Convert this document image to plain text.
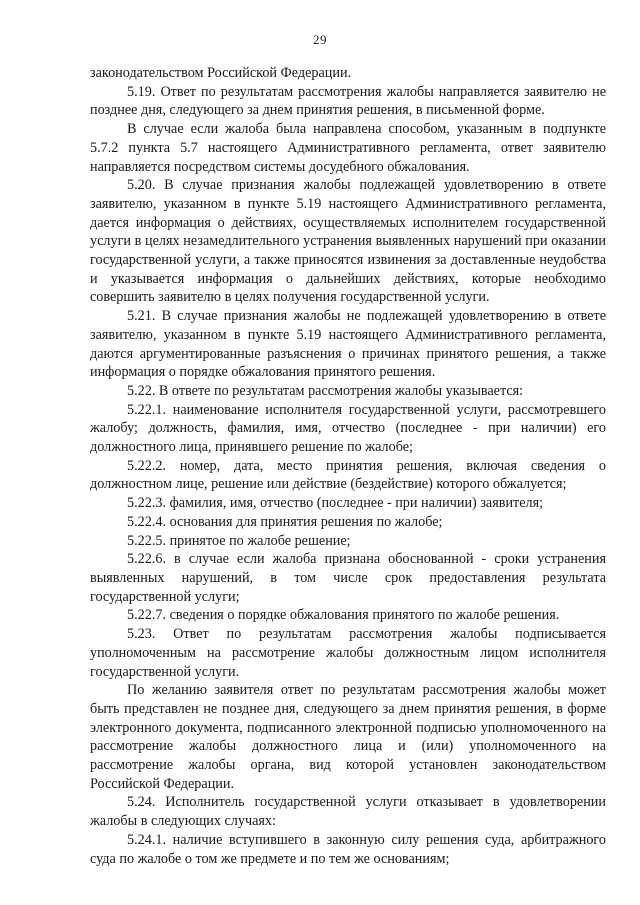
29

законодательством Российской Федерации.

5.19. Ответ по результатам рассмотрения жалобы направляется заявителю не позднее дня, следующего за днем принятия решения, в письменной форме.

В случае если жалоба была направлена способом, указанным в подпункте 5.7.2 пункта 5.7 настоящего Административного регламента, ответ заявителю направляется посредством системы досудебного обжалования.

5.20. В случае признания жалобы подлежащей удовлетворению в ответе заявителю, указанном в пункте 5.19 настоящего Административного регламента, дается информация о действиях, осуществляемых исполнителем государственной услуги в целях незамедлительного устранения выявленных нарушений при оказании государственной услуги, а также приносятся извинения за доставленные неудобства и указывается информация о дальнейших действиях, которые необходимо совершить заявителю в целях получения государственной услуги.

5.21. В случае признания жалобы не подлежащей удовлетворению в ответе заявителю, указанном в пункте 5.19 настоящего Административного регламента, даются аргументированные разъяснения о причинах принятого решения, а также информация о порядке обжалования принятого решения.

5.22. В ответе по результатам рассмотрения жалобы указывается:

5.22.1. наименование исполнителя государственной услуги, рассмотревшего жалобу; должность, фамилия, имя, отчество (последнее - при наличии) его должностного лица, принявшего решение по жалобе;

5.22.2. номер, дата, место принятия решения, включая сведения о должностном лице, решение или действие (бездействие) которого обжалуется;

5.22.3. фамилия, имя, отчество (последнее - при наличии) заявителя;

5.22.4. основания для принятия решения по жалобе;

5.22.5. принятое по жалобе решение;

5.22.6. в случае если жалоба признана обоснованной - сроки устранения выявленных нарушений, в том числе срок предоставления результата государственной услуги;

5.22.7. сведения о порядке обжалования принятого по жалобе решения.

5.23. Ответ по результатам рассмотрения жалобы подписывается уполномоченным на рассмотрение жалобы должностным лицом исполнителя государственной услуги.

По желанию заявителя ответ по результатам рассмотрения жалобы может быть представлен не позднее дня, следующего за днем принятия решения, в форме электронного документа, подписанного электронной подписью уполномоченного на рассмотрение жалобы должностного лица и (или) уполномоченного на рассмотрение жалобы органа, вид которой установлен законодательством Российской Федерации.

5.24. Исполнитель государственной услуги отказывает в удовлетворении жалобы в следующих случаях:

5.24.1. наличие вступившего в законную силу решения суда, арбитражного суда по жалобе о том же предмете и по тем же основаниям;
